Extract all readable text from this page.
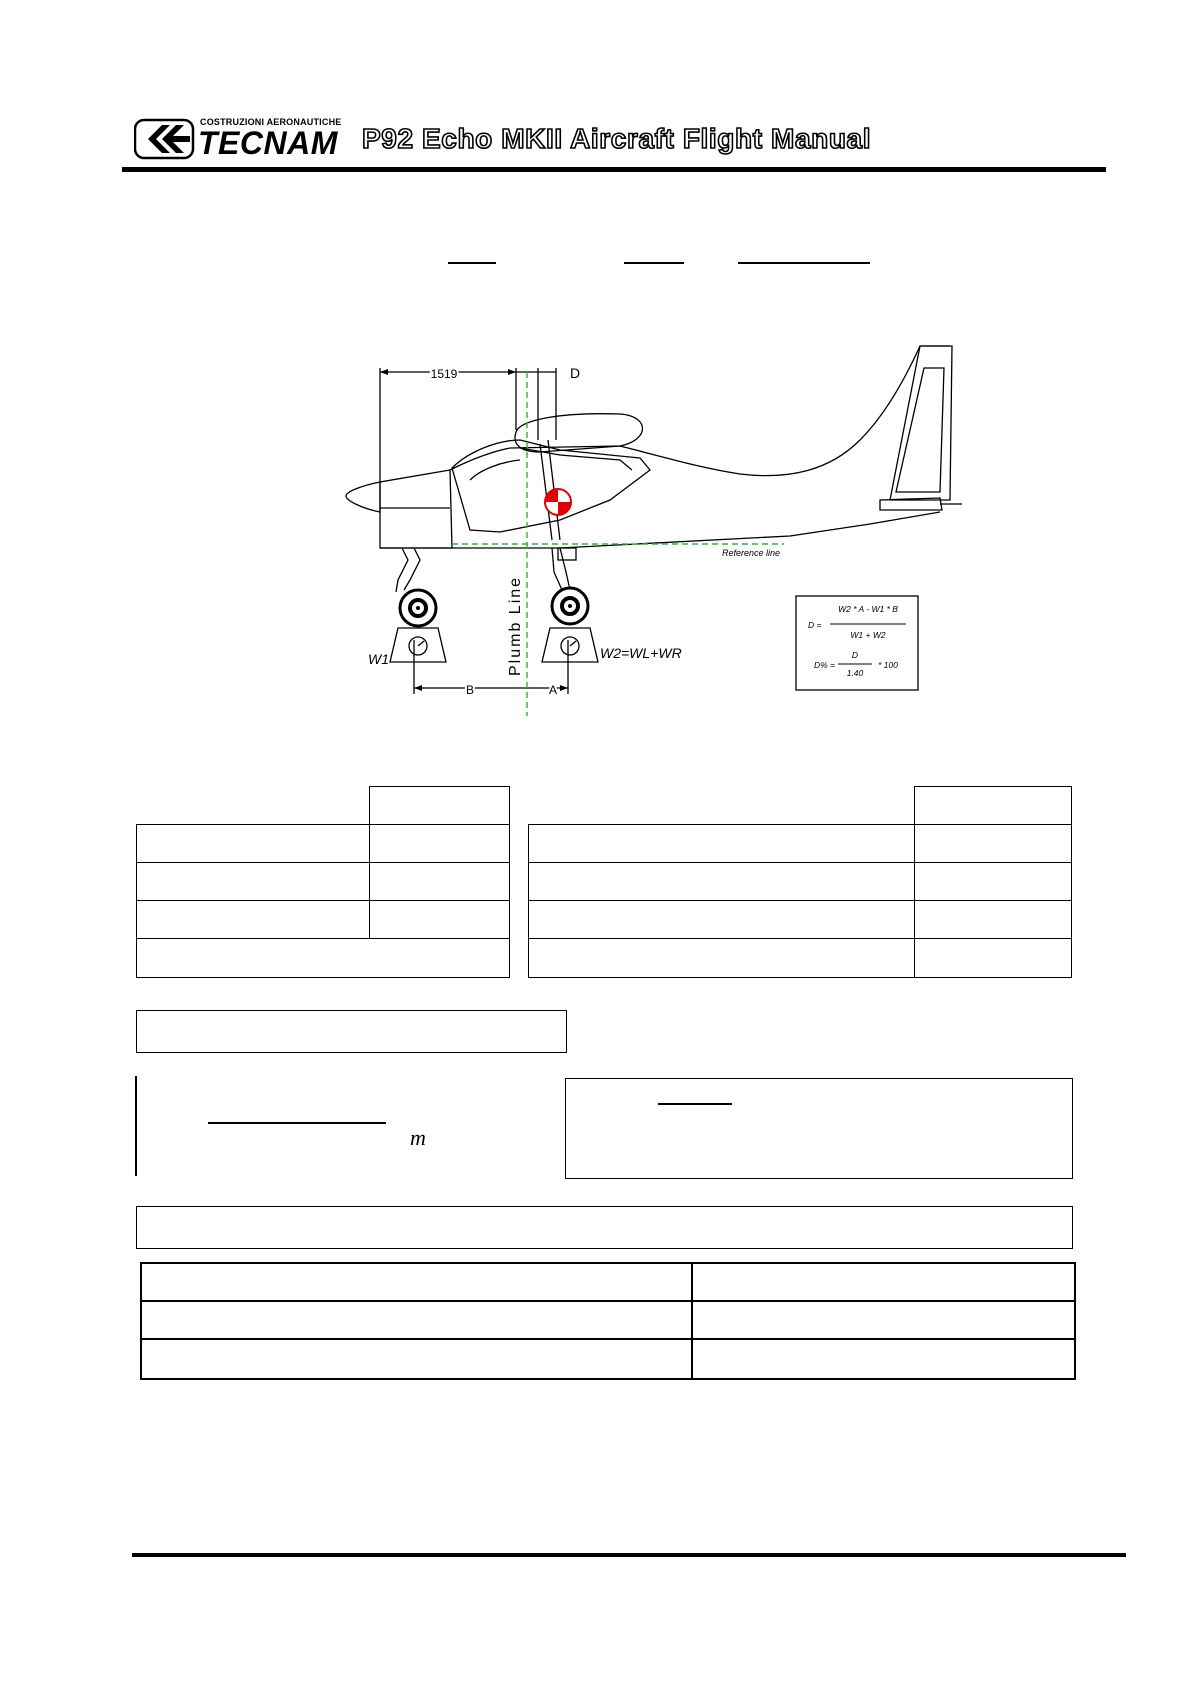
COSTRUZIONI AERONAUTICHE
TECNAM P92 Echo MKII Aircraft Flight Manual
1519	D
B	A
Plumb Line
Reference line
W1	W2=WL+WR
D =
W2 * A - W1 * B
W1 + W2
D% =
D
1.40
* 100
m
